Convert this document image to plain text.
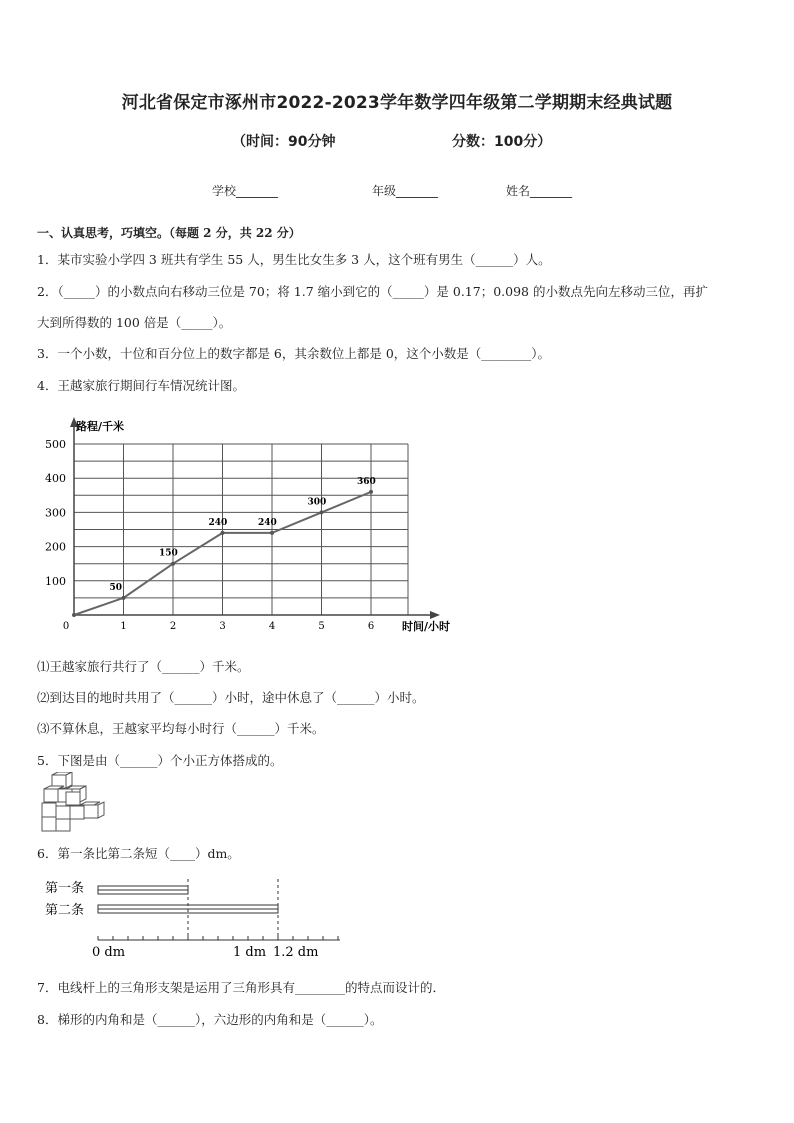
河北省保定市涿州市2022-2023学年数学四年级第二学期期末经典试题
（时间：90分钟	分数：100分）
学校_______	年级_______	姓名_______
一、认真思考，巧填空。（每题 2 分，共 22 分）
1．某市实验小学四 3 班共有学生 55 人，男生比女生多 3 人，这个班有男生（______）人。
2．（_____）的小数点向右移动三位是 70；将 1.7 缩小到它的（_____）是 0.17；0.098 的小数点先向左移动三位，再扩
大到所得数的 100 倍是（_____）。
3．一个小数，十位和百分位上的数字都是 6，其余数位上都是 0，这个小数是（________）。
4．王越家旅行期间行车情况统计图。
100
200
300
400
500
0	1	2	3	4	5	6
路程/千米
时间/小时
50
150
240	240
300
360
⑴王越家旅行共行了（______）千米。
⑵到达目的地时共用了（______）小时，途中休息了（______）小时。
⑶不算休息，王越家平均每小时行（______）千米。
5．下图是由（______）个小正方体搭成的。
6．第一条比第二条短（____）dm。
第一条
第二条
0 dm	1 dm 1.2 dm
7．电线杆上的三角形支架是运用了三角形具有________的特点而设计的．
8．梯形的内角和是（______），六边形的内角和是（______）。
